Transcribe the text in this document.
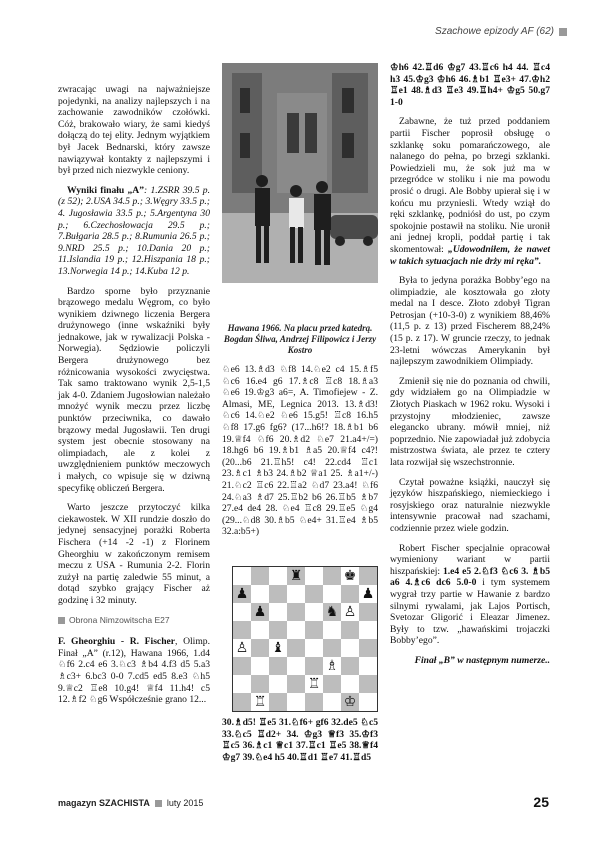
Szachowe epizody AF (62)

zwracając uwagi na najważniejsze pojedynki, na analizy najlepszych i na zachowanie zawodników czołówki. Cóż, brakowało wiary, że sami kiedyś dołączą do tej elity. Jednym wyjątkiem był Jacek Bednarski, który zawsze nawiązywał kontakty z najlepszymi i był przed nich niezwykle ceniony.

Wyniki finału „A”: 1.ZSRR 39.5 p. (z 52); 2.USA 34.5 p.; 3.Węgry 33.5 p.; 4. Jugosławia 33.5 p.; 5.Argentyna 30 p.; 6.Czechosłowacja 29.5 p.; 7.Bułgaria 28.5 p.; 8.Rumunia 26.5 p.; 9.NRD 25.5 p.; 10.Dania 20 p.; 11.Islandia 19 p.; 12.Hiszpania 18 p.; 13.Norwegia 14 p.; 14.Kuba 12 p.

Bardzo sporne było przyznanie brązowego medalu Węgrom, co było wynikiem dziwnego liczenia Bergera drużynowego (inne wskaźniki były jednakowe, jak w rywalizacji Polska - Norwegia). Sędziowie policzyli Bergera drużynowego bez różnicowania wysokości zwycięstwa. Tak samo traktowano wynik 2,5-1,5 jak 4-0. Zdaniem Jugosłowian należało mnożyć wynik meczu przez liczbę punktów przeciwnika, co dawało brązowy medal Jugosławii. Ten drugi system jest obecnie stosowany na olimpiadach, ale z kolei z uwzględnieniem punktów meczowych i małych, co wpisuje się w dziwną specyfikę obliczeń Bergera.

Warto jeszcze przytoczyć kilka ciekawostek. W XII rundzie doszło do jedynej sensacyjnej porażki Roberta Fischera (+14 -2 -1) z Florinem Gheorghiu w zakończonym remisem meczu z USA - Rumunia 2-2. Florin zużył na partię zaledwie 55 minut, a dotąd szybko grający Fischer aż godzinę i 32 minuty.

Obrona Nimzowitscha E27

F. Gheorghiu - R. Fischer, Olimp. Finał „A” (r.12), Hawana 1966, 1.d4 ♘f6 2.c4 e6 3.♘c3 ♗b4 4.f3 d5 5.a3 ♗c3+ 6.bc3 0-0 7.cd5 ed5 8.e3 ♘h5 9.♕c2 ♖e8 10.g4! ♕f4 11.h4! c5 12.♗f2 ♘g6 Współcześnie grano 12...

Hawana 1966. Na placu przed katedrą. Bogdan Śliwa, Andrzej Filipowicz i Jerzy Kostro

♘e6 13.♗d3 ♘f8 14.♘e2 c4 15.♗f5 ♘c6 16.e4 g6 17.♗c8 ♖c8 18.♗a3 ♘e6 19.♔g3 a6=, A. Timofiejew - Z. Almasi, ME, Legnica 2013. 13.♗d3! ♘c6 14.♘e2 ♘e6 15.g5! ♖c8 16.h5 ♘f8 17.g6 fg6? (17...h6!? 18.♗b1 b6 19.♕f4 ♘f6 20.♗d2 ♘e7 21.a4+/=) 18.hg6 b6 19.♗b1 ♗a5 20.♕f4 c4?! (20...b6 21.♖h5! c4! 22.cd4 ♖c1 23.♗c1 ♗b3 24.♗b2 ♕a1 25. ♗a1+/-) 21.♘c2 ♖c6 22.♖a2 ♘d7 23.a4! ♘f6 24.♘a3 ♗d7 25.♖b2 b6 26.♖b5 ♗b7 27.e4 de4 28. ♘e4 ♖c8 29.♖e5 ♘g4 (29...♘d8 30.♗b5 ♘e4+ 31.♖e4 ♗b5 32.a:b5+)

♜	♚
♟	♟
♟	♞ ♙
♙ ♝
♗
♖
♖	♔

30.♗d5! ♖e5 31.♘f6+ gf6 32.de5 ♘c5 33.♘c5 ♖d2+ 34. ♔g3 ♕f3 35.♔f3 ♖c5 36.♗c1 ♕c1 37.♖c1 ♖e5 38.♕f4 ♔g7 39.♘e4 h5 40.♖d1 ♖e7 41.♖d5

♔h6 42.♖d6 ♔g7 43.♖c6 h4 44. ♖c4 h3 45.♔g3 ♔h6 46.♗b1 ♖e3+ 47.♔h2 ♖e1 48.♗d3 ♖e3 49.♖h4+ ♔g5 50.g7 1-0

Zabawne, że tuż przed poddaniem partii Fischer poprosił obsługę o szklankę soku pomarańczowego, ale nalanego do pełna, po brzegi szklanki. Powiedzieli mu, że sok już ma w przegródce w stoliku i nie ma powodu prosić o drugi. Ale Bobby upierał się i w końcu mu przyniesli. Wtedy wziął do ręki szklankę, podniósł do ust, po czym spokojnie postawił na stoliku. Nie uronił ani jednej kropli, poddał partię i tak skomentował: „Udowodniłem, że nawet w takich sytuacjach nie drży mi ręka”.

Była to jedyna porażka Bobby’ego na olimpiadzie, ale kosztowała go złoty medal na I desce. Złoto zdobył Tigran Petrosjan (+10-3-0) z wynikiem 88,46% (11,5 p. z 13) przed Fischerem 88,24% (15 p. z 17). W gruncie rzeczy, to jednak 23-letni wówczas Amerykanin był najlepszym zawodnikiem Olimpiady.

Zmienił się nie do poznania od chwili, gdy widziałem go na Olimpiadzie w Złotych Piaskach w 1962 roku. Wysoki i przystojny młodzieniec, zawsze elegancko ubrany. mówił mniej, niż poprzednio. Nie zapowiadał już zdobycia mistrzostwa świata, ale przez te cztery lata rozwijał się wszechstronnie.

Czytał poważne książki, nauczył się języków hiszpańskiego, niemieckiego i rosyjskiego oraz naturalnie niezwykle intensywnie pracował nad szachami, codziennie przez wiele godzin.

Robert Fischer specjalnie opracował wymieniony wariant w partii hiszpańskiej: 1.e4 e5 2.♘f3 ♘c6 3. ♗b5 a6 4.♗c6 dc6 5.0-0 i tym systemem wygrał trzy partie w Hawanie z bardzo silnymi rywalami, jak Lajos Portisch, Svetozar Gligorić i Eleazar Jimenez. Były to tzw. „hawańskimi trojaczki Bobby’ego”.

Finał „B” w następnym numerze..

magazyn SZACHISTA luty 2015	25
